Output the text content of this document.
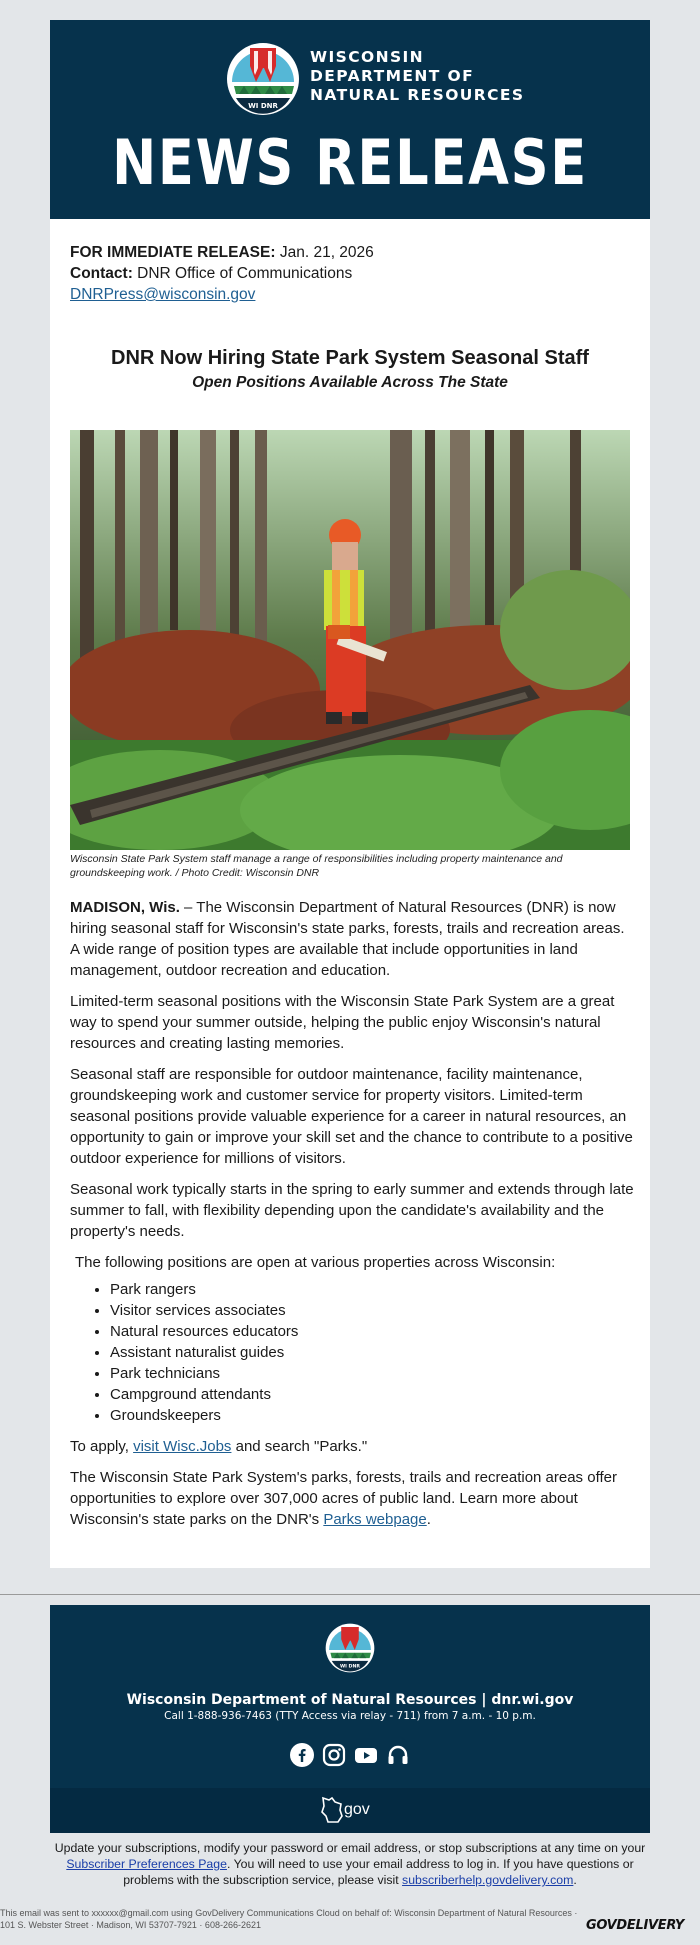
WI DNR
WISCONSIN
DEPARTMENT OF
NATURAL RESOURCES
NEWS RELEASE
FOR IMMEDIATE RELEASE: Jan. 21, 2026
Contact: DNR Office of Communications
DNRPress@wisconsin.gov
DNR Now Hiring State Park System Seasonal Staff
Open Positions Available Across The State
Wisconsin State Park System staff manage a range of responsibilities including property maintenance and groundskeeping work. / Photo Credit: Wisconsin DNR

MADISON, Wis. – The Wisconsin Department of Natural Resources (DNR) is now hiring seasonal staff for Wisconsin's state parks, forests, trails and recreation areas. A wide range of position types are available that include opportunities in land management, outdoor recreation and education.

Limited-term seasonal positions with the Wisconsin State Park System are a great way to spend your summer outside, helping the public enjoy Wisconsin's natural resources and creating lasting memories.

Seasonal staff are responsible for outdoor maintenance, facility maintenance, groundskeeping work and customer service for property visitors. Limited-term seasonal positions provide valuable experience for a career in natural resources, an opportunity to gain or improve your skill set and the chance to contribute to a positive outdoor experience for millions of visitors.

Seasonal work typically starts in the spring to early summer and extends through late summer to fall, with flexibility depending upon the candidate's availability and the property's needs.

The following positions are open at various properties across Wisconsin:

• Park rangers
• Visitor services associates
• Natural resources educators
• Assistant naturalist guides
• Park technicians
• Campground attendants
• Groundskeepers

To apply, visit Wisc.Jobs and search "Parks."

The Wisconsin State Park System's parks, forests, trails and recreation areas offer opportunities to explore over 307,000 acres of public land. Learn more about Wisconsin's state parks on the DNR's Parks webpage.

WI DNR
Wisconsin Department of Natural Resources | dnr.wi.gov
Call 1-888-936-7463 (TTY Access via relay - 711) from 7 a.m. - 10 p.m.
gov
Update your subscriptions, modify your password or email address, or stop subscriptions at any time on your Subscriber Preferences Page. You will need to use your email address to log in. If you have questions or problems with the subscription service, please visit subscriberhelp.govdelivery.com.
This email was sent to xxxxxx@gmail.com using GovDelivery Communications Cloud on behalf of: Wisconsin Department of Natural Resources · 101 S. Webster Street · Madison, WI 53707-7921 · 608-266-2621	GOVDELIVERY
